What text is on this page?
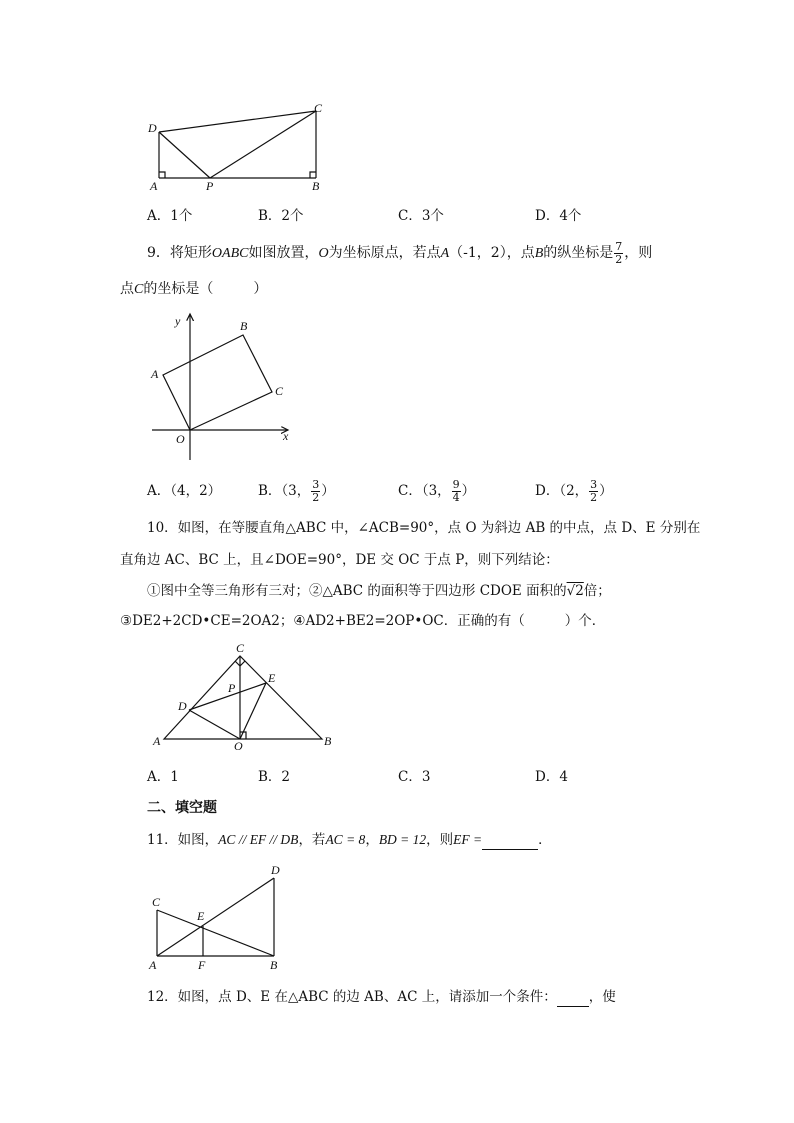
D
C
A	P	B
A．1个	B．2个	C．3个	D．4个
9．将矩形OABC如图放置，O为坐标原点，若点A（-1，2），点B的纵坐标是 $\frac{7}{2}$ ，则
点C的坐标是（	）
y	B
A
C
O	x
A．（4，2）	B．（3， $\frac{3}{2}$ ）	C．（3， $\frac{9}{4}$ ）	D．（2， $\frac{3}{2}$ ）
10．如图，在等腰直角△ABC 中，∠ACB=90°，点 O 为斜边 AB 的中点，点 D、E 分别在
直角边 AC、BC 上，且∠DOE=90°，DE 交 OC 于点 P，则下列结论：
①图中全等三角形有三对；②△ABC 的面积等于四边形 CDOE 面积的√2倍；
③DE2+2CD•CE=2OA2；④AD2+BE2=2OP•OC．正确的有（	）个．
C
P
E
D
A	O	B
A．1	B．2	C．3	D．4
二、填空题
11．如图，AC // EF // DB，若AC = 8，BD = 12，则EF =	．
D
C
E
A	F	B
12．如图，点 D、E 在△ABC 的边 AB、AC 上，请添加一个条件： ，使
